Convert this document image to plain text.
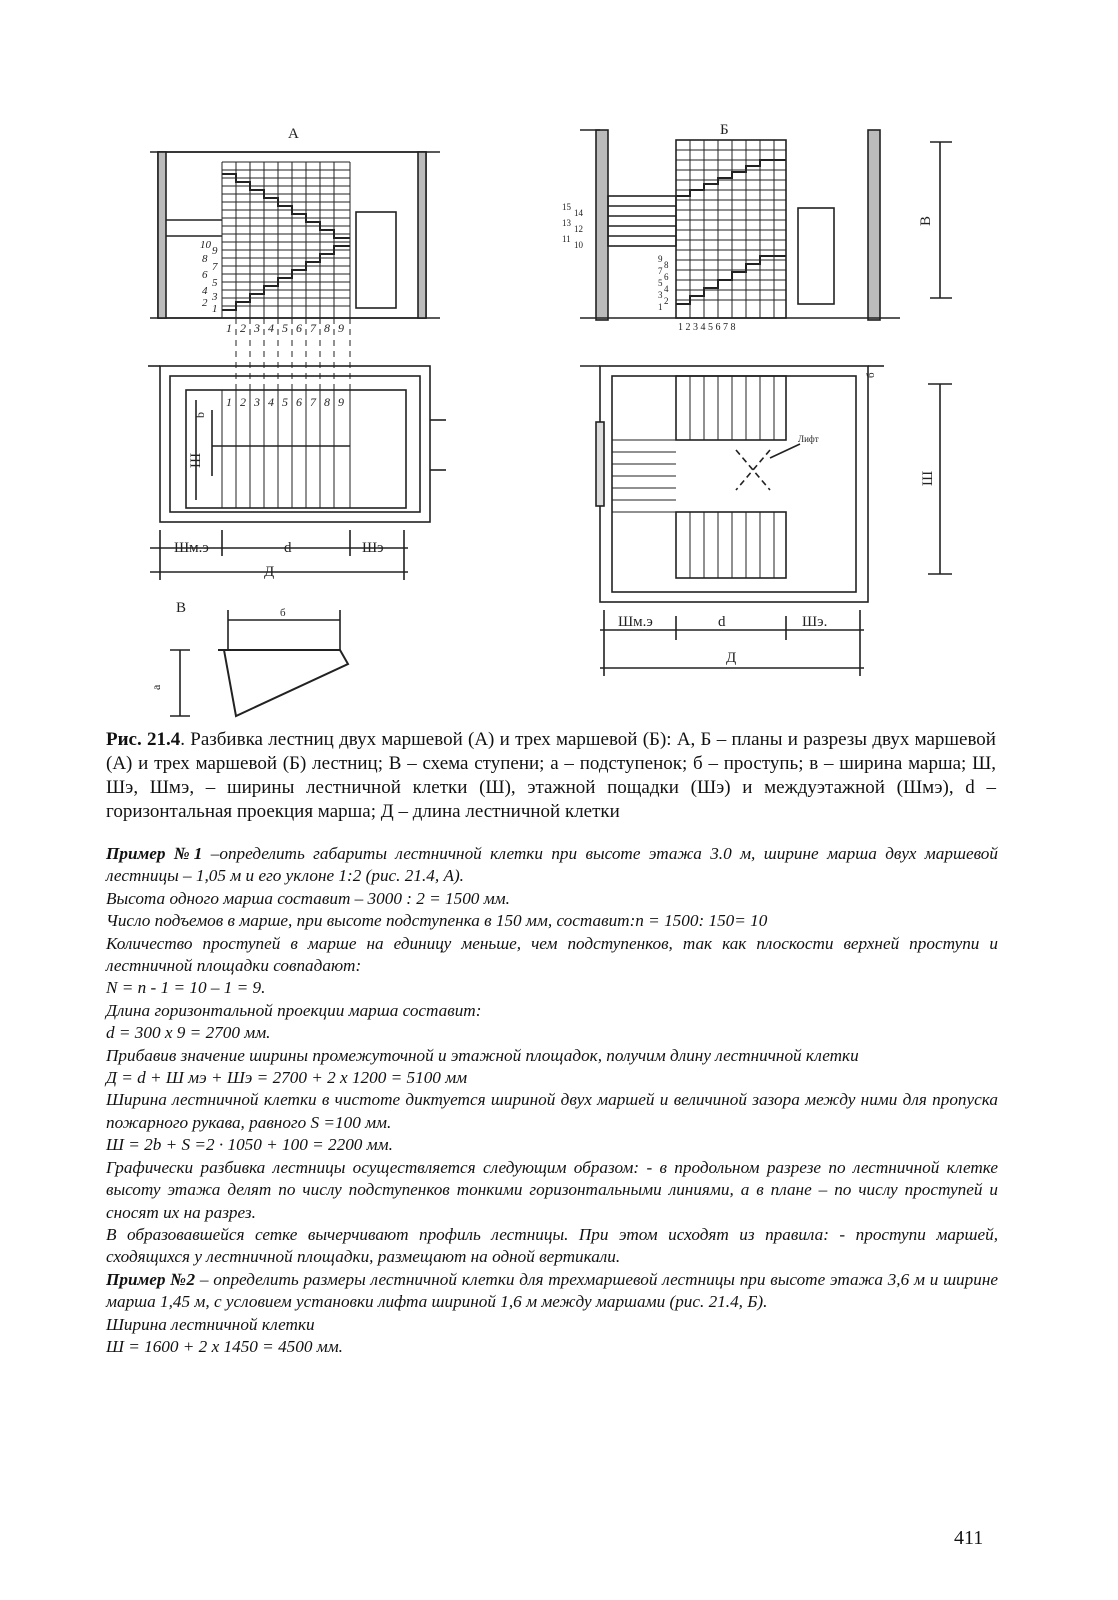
А	Б
В
10 9
8
7
6
5
4 3
2 1
1 2 3 4 5 6 7 8 9
1 2 3 4 5 6 7 8 9
Ш
b
Шм.э	d	Шэ
Д
15
14
13
12
11
10
9
8
7
6
5
4
3
2
1
1 2 3 4 5 6 7 8
В
б
Лифт
Ш
Шм.э	d	Шэ.
Д
б
а
Рис. 21.4. Разбивка лестниц двух маршевой (А) и трех маршевой (Б): А, Б – планы и разрезы двух маршевой (А) и трех маршевой (Б) лестниц; В – схема ступени; а – подступенок; б – проступь; в – ширина марша; Ш, Шэ, Шмэ, – ширины лестничной клетки (Ш), этажной пощадки (Шэ) и междуэтажной (Шмэ), d – горизонтальная проекция марша; Д – длина лестничной клетки

Пример №1 –определить габариты лестничной клетки при высоте этажа 3.0 м, ширине марша двух маршевой лестницы – 1,05 м и его уклоне 1:2 (рис. 21.4, А).

Высота одного марша составит – 3000 : 2 = 1500 мм.

Число подъемов в марше, при высоте подступенка в 150 мм, составит:n = 1500: 150= 10

Количество проступей в марше на единицу меньше, чем подступенков, так как плоскости верхней проступи и лестничной площадки совпадают:

N = n - 1 = 10 – 1 = 9.

Длина горизонтальной проекции марша составит:

d = 300 x 9 = 2700 мм.

Прибавив значение ширины промежуточной и этажной площадок, получим длину лестничной клетки

Д = d + Ш мэ + Шэ = 2700 + 2 x 1200 = 5100 мм

Ширина лестничной клетки в чистоте диктуется шириной двух маршей и величиной зазора между ними для пропуска пожарного рукава, равного S =100 мм.

Ш = 2b + S =2 · 1050 + 100 = 2200 мм.

Графически разбивка лестницы осуществляется следующим образом: - в продольном разрезе по лестничной клетке высоту этажа делят по числу подступенков тонкими горизонтальными линиями, а в плане – по числу проступей и сносят их на разрез.

В образовавшейся сетке вычерчивают профиль лестницы. При этом исходят из правила: - проступи маршей, сходящихся у лестничной площадки, размещают на одной вертикали.

Пример №2 – определить размеры лестничной клетки для трехмаршевой лестницы при высоте этажа 3,6 м и ширине марша 1,45 м, с условием установки лифта шириной 1,6 м между маршами (рис. 21.4, Б).

Ширина лестничной клетки

Ш = 1600 + 2 x 1450 = 4500 мм.

411
